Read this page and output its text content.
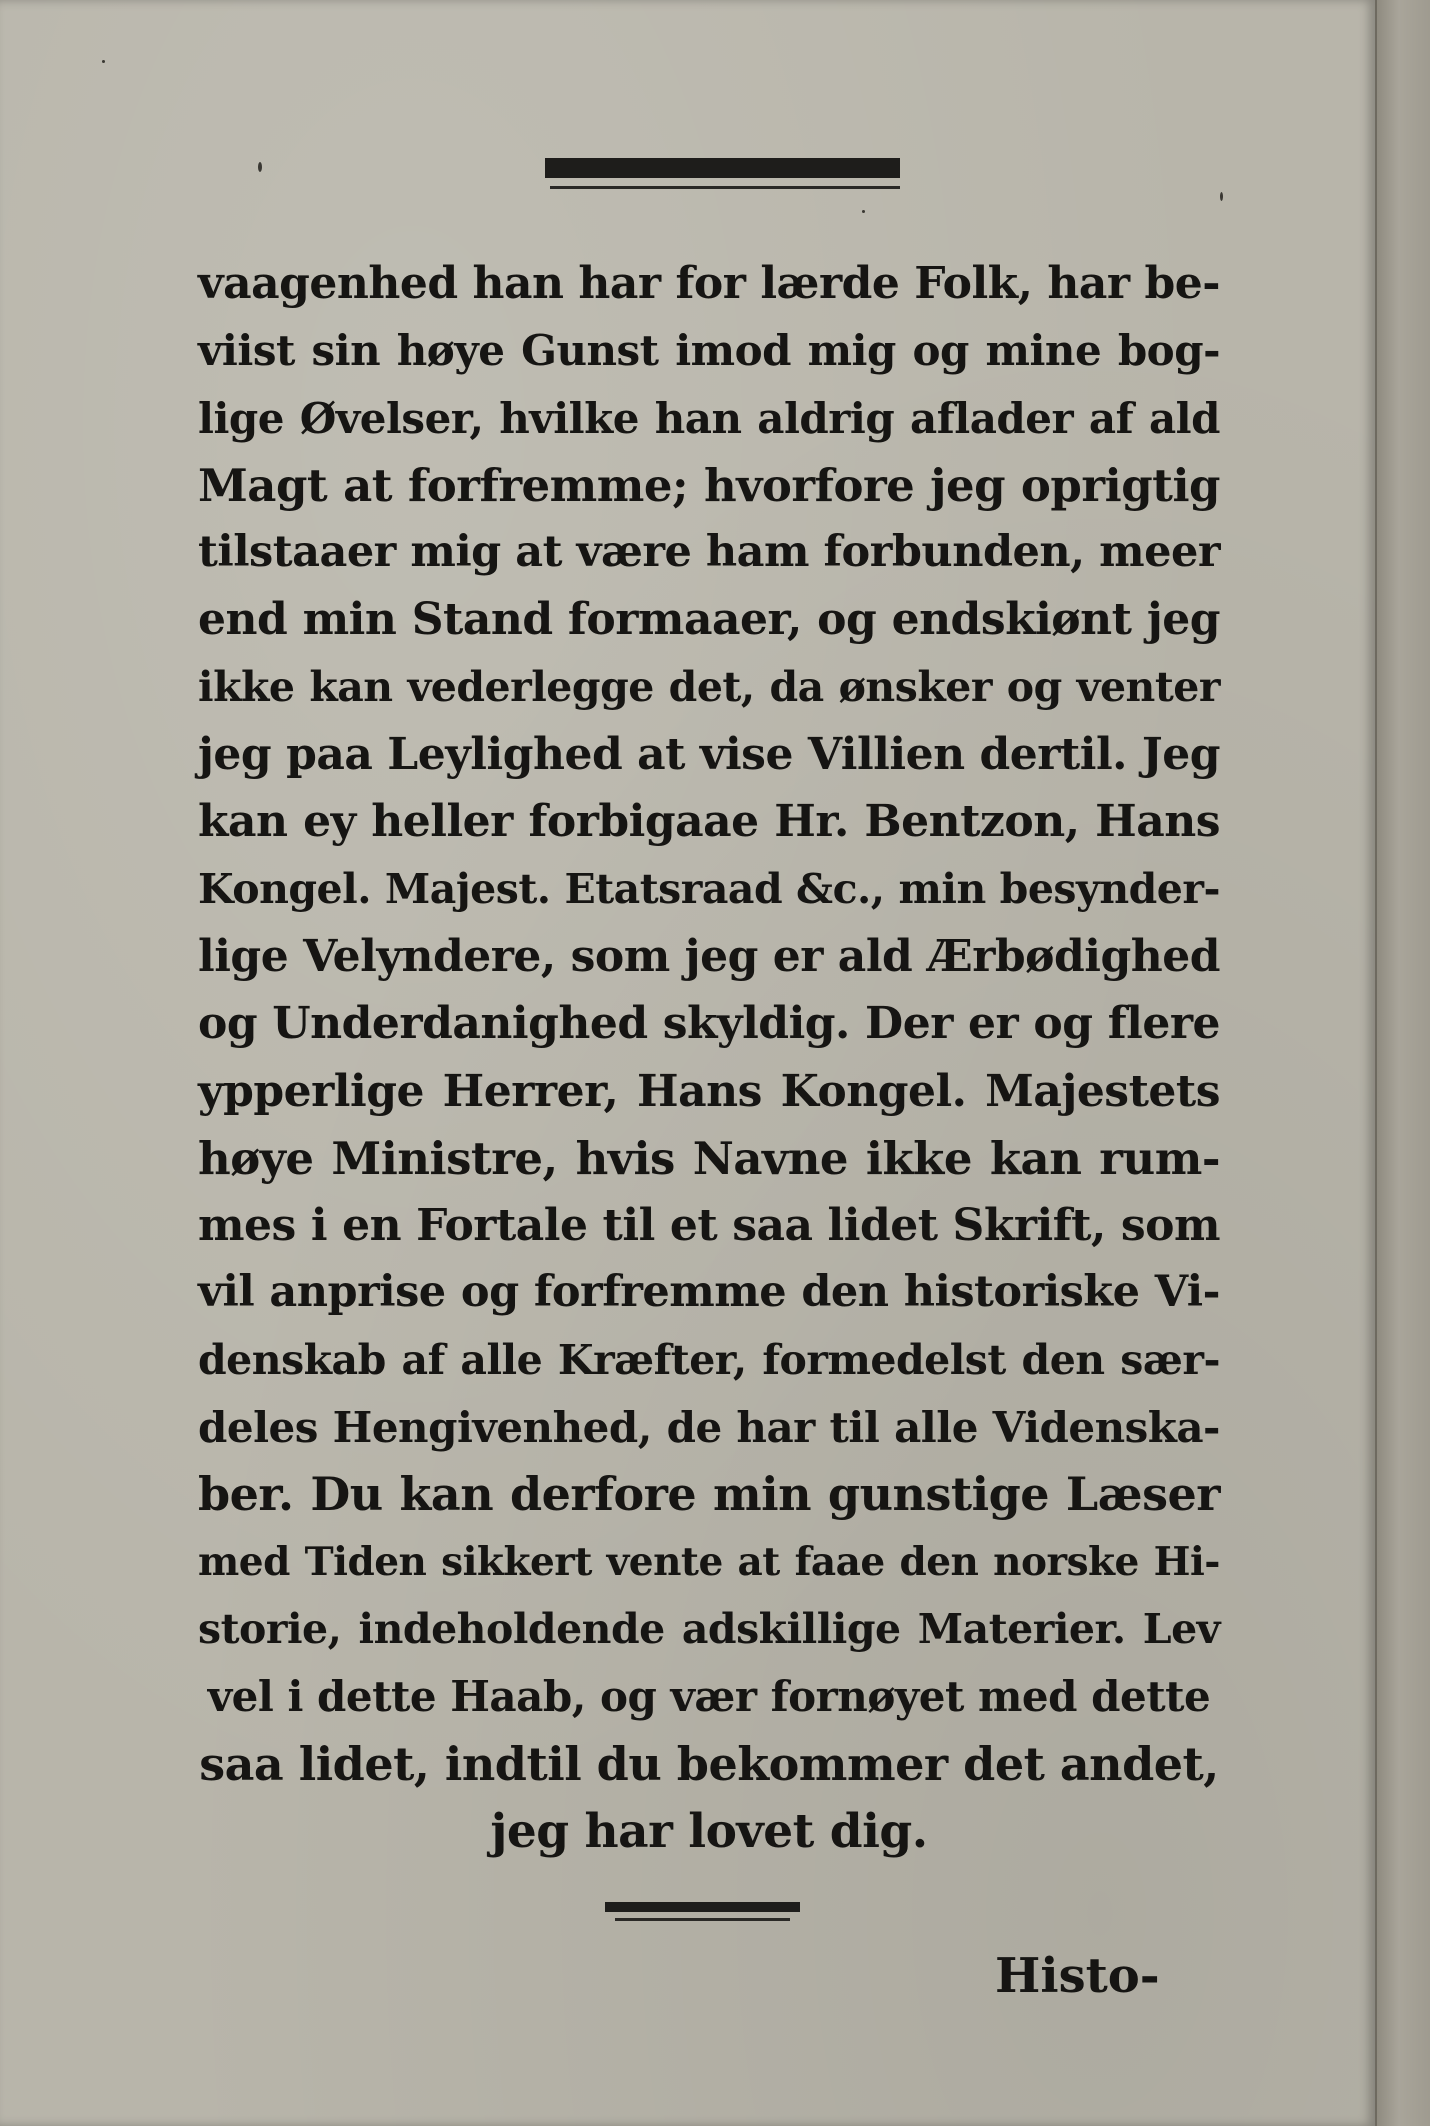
vaagenhed han har for lærde Folk, har be-
viist sin høye Gunst imod mig og mine bog-
lige Øvelser, hvilke han aldrig aflader af ald
Magt at forfremme; hvorfore jeg oprigtig
tilstaaer mig at være ham forbunden, meer
end min Stand formaaer, og endskiønt jeg
ikke kan vederlegge det, da ønsker og venter
jeg paa Leylighed at vise Villien dertil. Jeg
kan ey heller forbigaae Hr. Bentzon, Hans
Kongel. Majest. Etatsraad &c., min besynder-
lige Velyndere, som jeg er ald Ærbødighed
og Underdanighed skyldig. Der er og flere
ypperlige Herrer, Hans Kongel. Majestets
høye Ministre, hvis Navne ikke kan rum-
mes i en Fortale til et saa lidet Skrift, som
vil anprise og forfremme den historiske Vi-
denskab af alle Kræfter, formedelst den sær-
deles Hengivenhed, de har til alle Videnska-
ber. Du kan derfore min gunstige Læser
med Tiden sikkert vente at faae den norske Hi-
storie, indeholdende adskillige Materier. Lev
vel i dette Haab, og vær fornøyet med dette
saa lidet, indtil du bekommer det andet,
jeg har lovet dig.
Histo-
